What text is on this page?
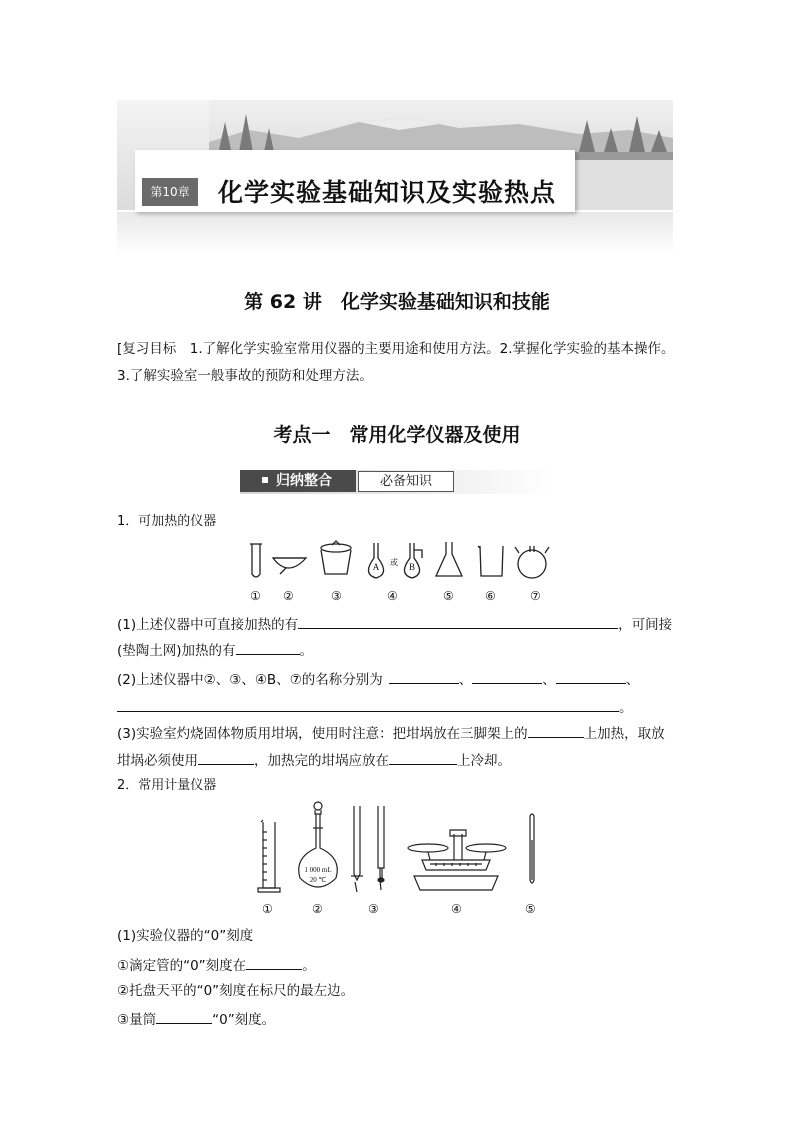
第10章	化学实验基础知识及实验热点
第 62 讲　化学实验基础知识和技能
[复习目标　1.了解化学实验室常用仪器的主要用途和使用方法。2.掌握化学实验的基本操作。
3.了解实验室一般事故的预防和处理方法。
考点一　常用化学仪器及使用
归纳整合	必备知识
1．可加热的仪器
A 或 B
① ②	③	④	⑤	⑥	⑦
(1)上述仪器中可直接加热的有	，可间接
(垫陶土网)加热的有	。
(2)上述仪器中②、③、④B、⑦的名称分别为	、	、	、
。
(3)实验室灼烧固体物质用坩埚，使用时注意：把坩埚放在三脚架上的	上加热，取放
坩埚必须使用	，加热完的坩埚应放在	上冷却。
2．常用计量仪器
1 000 mL
20 ℃
①	②	③	④	⑤
(1)实验仪器的“0”刻度
①滴定管的“0”刻度在	。
②托盘天平的“0”刻度在标尺的最左边。
③量筒	“0”刻度。
